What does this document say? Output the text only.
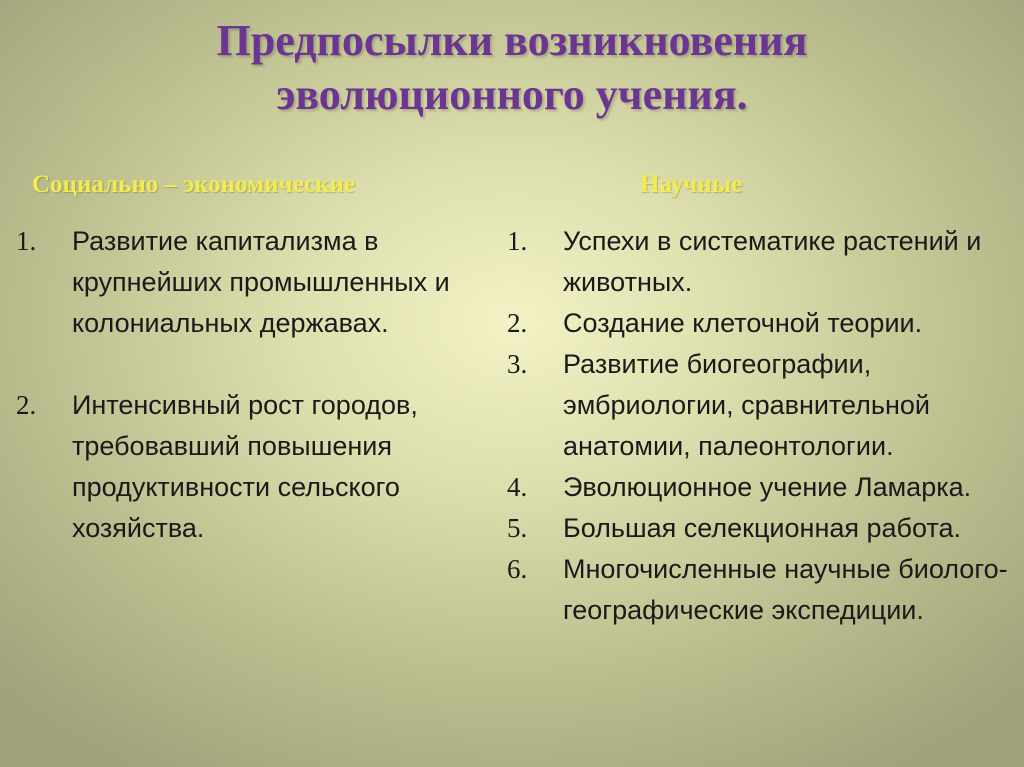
Предпосылки возникновения
эволюционного учения.
Социально – экономические	Научные
1.	Развитие капитализма в крупнейших промышленных и колониальных державах.
2.	Интенсивный рост городов, требовавший повышения продуктивности сельского хозяйства.
1.	Успехи в систематике растений и животных.
2.	Создание клеточной теории.
3.	Развитие биогеографии, эмбриологии, сравнительной анатомии, палеонтологии.
4.	Эволюционное учение Ламарка.
5.	Большая селекционная работа.
6.	Многочисленные научные биолого-географические экспедиции.
